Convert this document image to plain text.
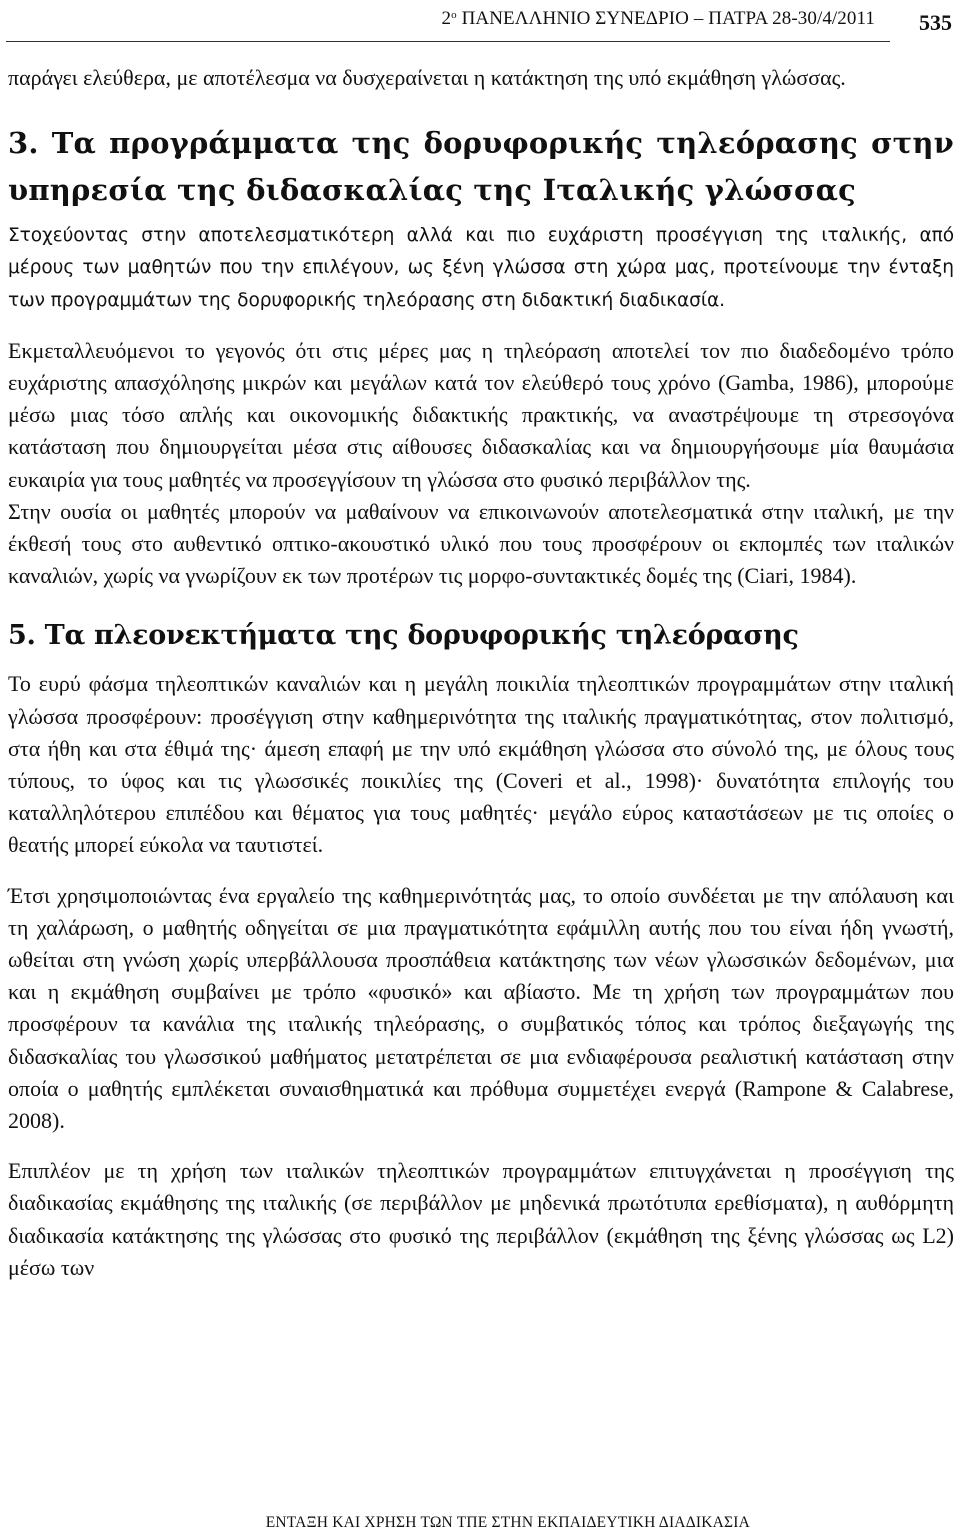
$2^o$ ΠΑΝΕΛΛΗΝΙΟ ΣΥΝΕΔΡΙΟ – ΠΑΤΡΑ 28-30/4/2011 535

παράγει ελεύθερα, με αποτέλεσμα να δυσχεραίνεται η κατάκτηση της υπό εκμάθηση γλώσσας.

3. Τα προγράμματα της δορυφορικής τηλεόρασης στην υπηρεσία της διδασκαλίας της Ιταλικής γλώσσας

Στοχεύοντας στην αποτελεσματικότερη αλλά και πιο ευχάριστη προσέγγιση της ιταλικής, από μέρους των μαθητών που την επιλέγουν, ως ξένη γλώσσα στη χώρα μας, προτείνουμε την ένταξη των προγραμμάτων της δορυφορικής τηλεόρασης στη διδακτική διαδικασία.

Εκμεταλλευόμενοι το γεγονός ότι στις μέρες μας η τηλεόραση αποτελεί τον πιο διαδεδομένο τρόπο ευχάριστης απασχόλησης μικρών και μεγάλων κατά τον ελεύθερό τους χρόνο (Gamba, 1986), μπορούμε μέσω μιας τόσο απλής και οικονομικής διδακτικής πρακτικής, να αναστρέψουμε τη στρεσογόνα κατάσταση που δημιουργείται μέσα στις αίθουσες διδασκαλίας και να δημιουργήσουμε μία θαυμάσια ευκαιρία για τους μαθητές να προσεγγίσουν τη γλώσσα στο φυσικό περιβάλλον της.

Στην ουσία οι μαθητές μπορούν να μαθαίνουν να επικοινωνούν αποτελεσματικά στην ιταλική, με την έκθεσή τους στο αυθεντικό οπτικο-ακουστικό υλικό που τους προσφέρουν οι εκπομπές των ιταλικών καναλιών, χωρίς να γνωρίζουν εκ των προτέρων τις μορφο-συντακτικές δομές της (Ciari, 1984).

5. Τα πλεονεκτήματα της δορυφορικής τηλεόρασης

Το ευρύ φάσμα τηλεοπτικών καναλιών και η μεγάλη ποικιλία τηλεοπτικών προγραμμάτων στην ιταλική γλώσσα προσφέρουν: προσέγγιση στην καθημερινότητα της ιταλικής πραγματικότητας, στον πολιτισμό, στα ήθη και στα έθιμά της· άμεση επαφή με την υπό εκμάθηση γλώσσα στο σύνολό της, με όλους τους τύπους, το ύφος και τις γλωσσικές ποικιλίες της (Coveri et al., 1998)· δυνατότητα επιλογής του καταλληλότερου επιπέδου και θέματος για τους μαθητές· μεγάλο εύρος καταστάσεων με τις οποίες ο θεατής μπορεί εύκολα να ταυτιστεί.

Έτσι χρησιμοποιώντας ένα εργαλείο της καθημερινότητάς μας, το οποίο συνδέεται με την απόλαυση και τη χαλάρωση, ο μαθητής οδηγείται σε μια πραγματικότητα εφάμιλλη αυτής που του είναι ήδη γνωστή, ωθείται στη γνώση χωρίς υπερβάλλουσα προσπάθεια κατάκτησης των νέων γλωσσικών δεδομένων, μια και η εκμάθηση συμβαίνει με τρόπο «φυσικό» και αβίαστο. Με τη χρήση των προγραμμάτων που προσφέρουν τα κανάλια της ιταλικής τηλεόρασης, ο συμβατικός τόπος και τρόπος διεξαγωγής της διδασκαλίας του γλωσσικού μαθήματος μετατρέπεται σε μια ενδιαφέρουσα ρεαλιστική κατάσταση στην οποία ο μαθητής εμπλέκεται συναισθηματικά και πρόθυμα συμμετέχει ενεργά (Rampone & Calabrese, 2008).

Επιπλέον με τη χρήση των ιταλικών τηλεοπτικών προγραμμάτων επιτυγχάνεται η προσέγγιση της διαδικασίας εκμάθησης της ιταλικής (σε περιβάλλον με μηδενικά πρωτότυπα ερεθίσματα), η αυθόρμητη διαδικασία κατάκτησης της γλώσσας στο φυσικό της περιβάλλον (εκμάθηση της ξένης γλώσσας ως L2) μέσω των

ΕΝΤΑΞΗ ΚΑΙ ΧΡΗΣΗ ΤΩΝ ΤΠΕ ΣΤΗΝ ΕΚΠΑΙΔΕΥΤΙΚΗ ΔΙΑΔΙΚΑΣΙΑ
